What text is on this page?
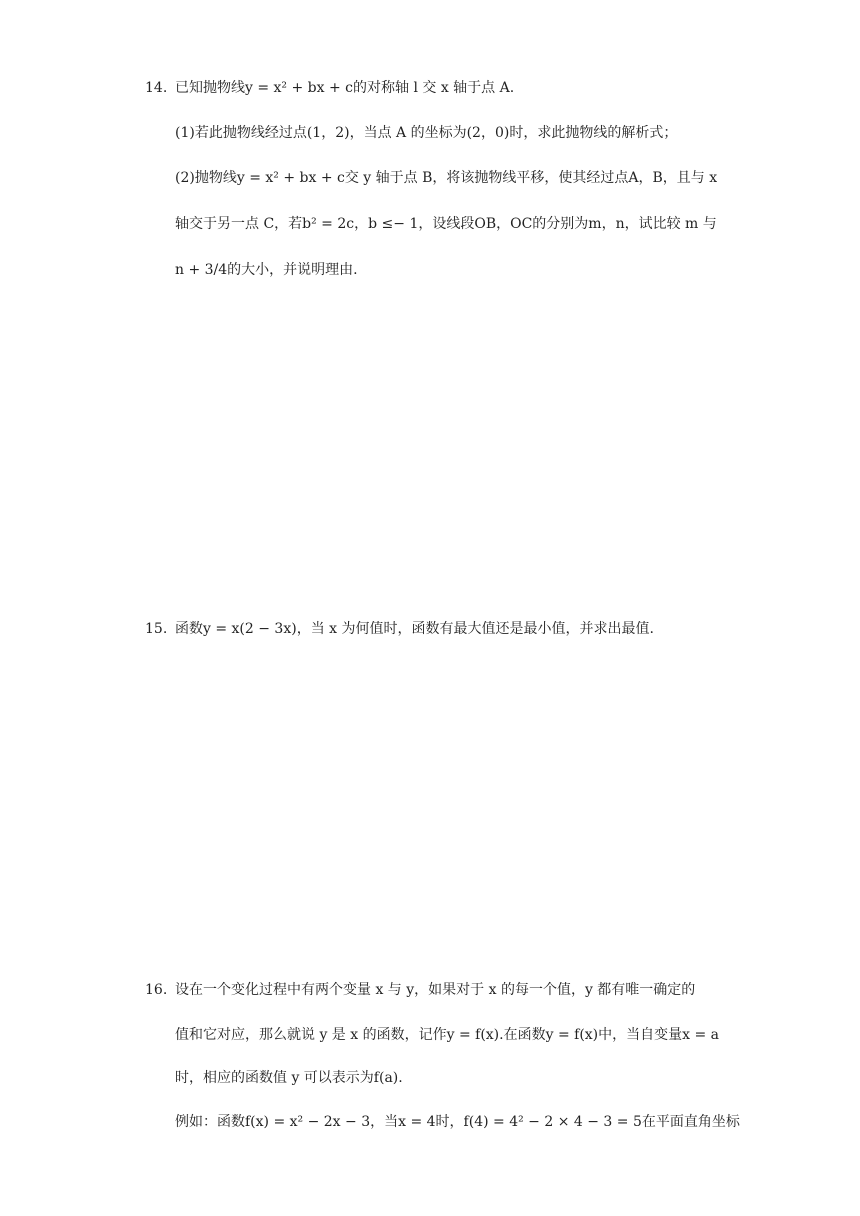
14. 已知抛物线y = x² + bx + c的对称轴 l 交 x 轴于点 A.
(1)若此抛物线经过点(1，2)，当点 A 的坐标为(2，0)时，求此抛物线的解析式；
(2)抛物线y = x² + bx + c交 y 轴于点 B，将该抛物线平移，使其经过点A，B，且与 x
轴交于另一点 C，若b² = 2c，b ≤− 1，设线段OB，OC的分别为m，n，试比较 m 与
n + 3/4的大小，并说明理由.
15. 函数y = x(2 − 3x)，当 x 为何值时，函数有最大值还是最小值，并求出最值.
16. 设在一个变化过程中有两个变量 x 与 y，如果对于 x 的每一个值，y 都有唯一确定的
值和它对应，那么就说 y 是 x 的函数，记作y = f(x).在函数y = f(x)中，当自变量x = a
时，相应的函数值 y 可以表示为f(a).
例如：函数f(x) = x² − 2x − 3，当x = 4时，f(4) = 4² − 2 × 4 − 3 = 5在平面直角坐标
